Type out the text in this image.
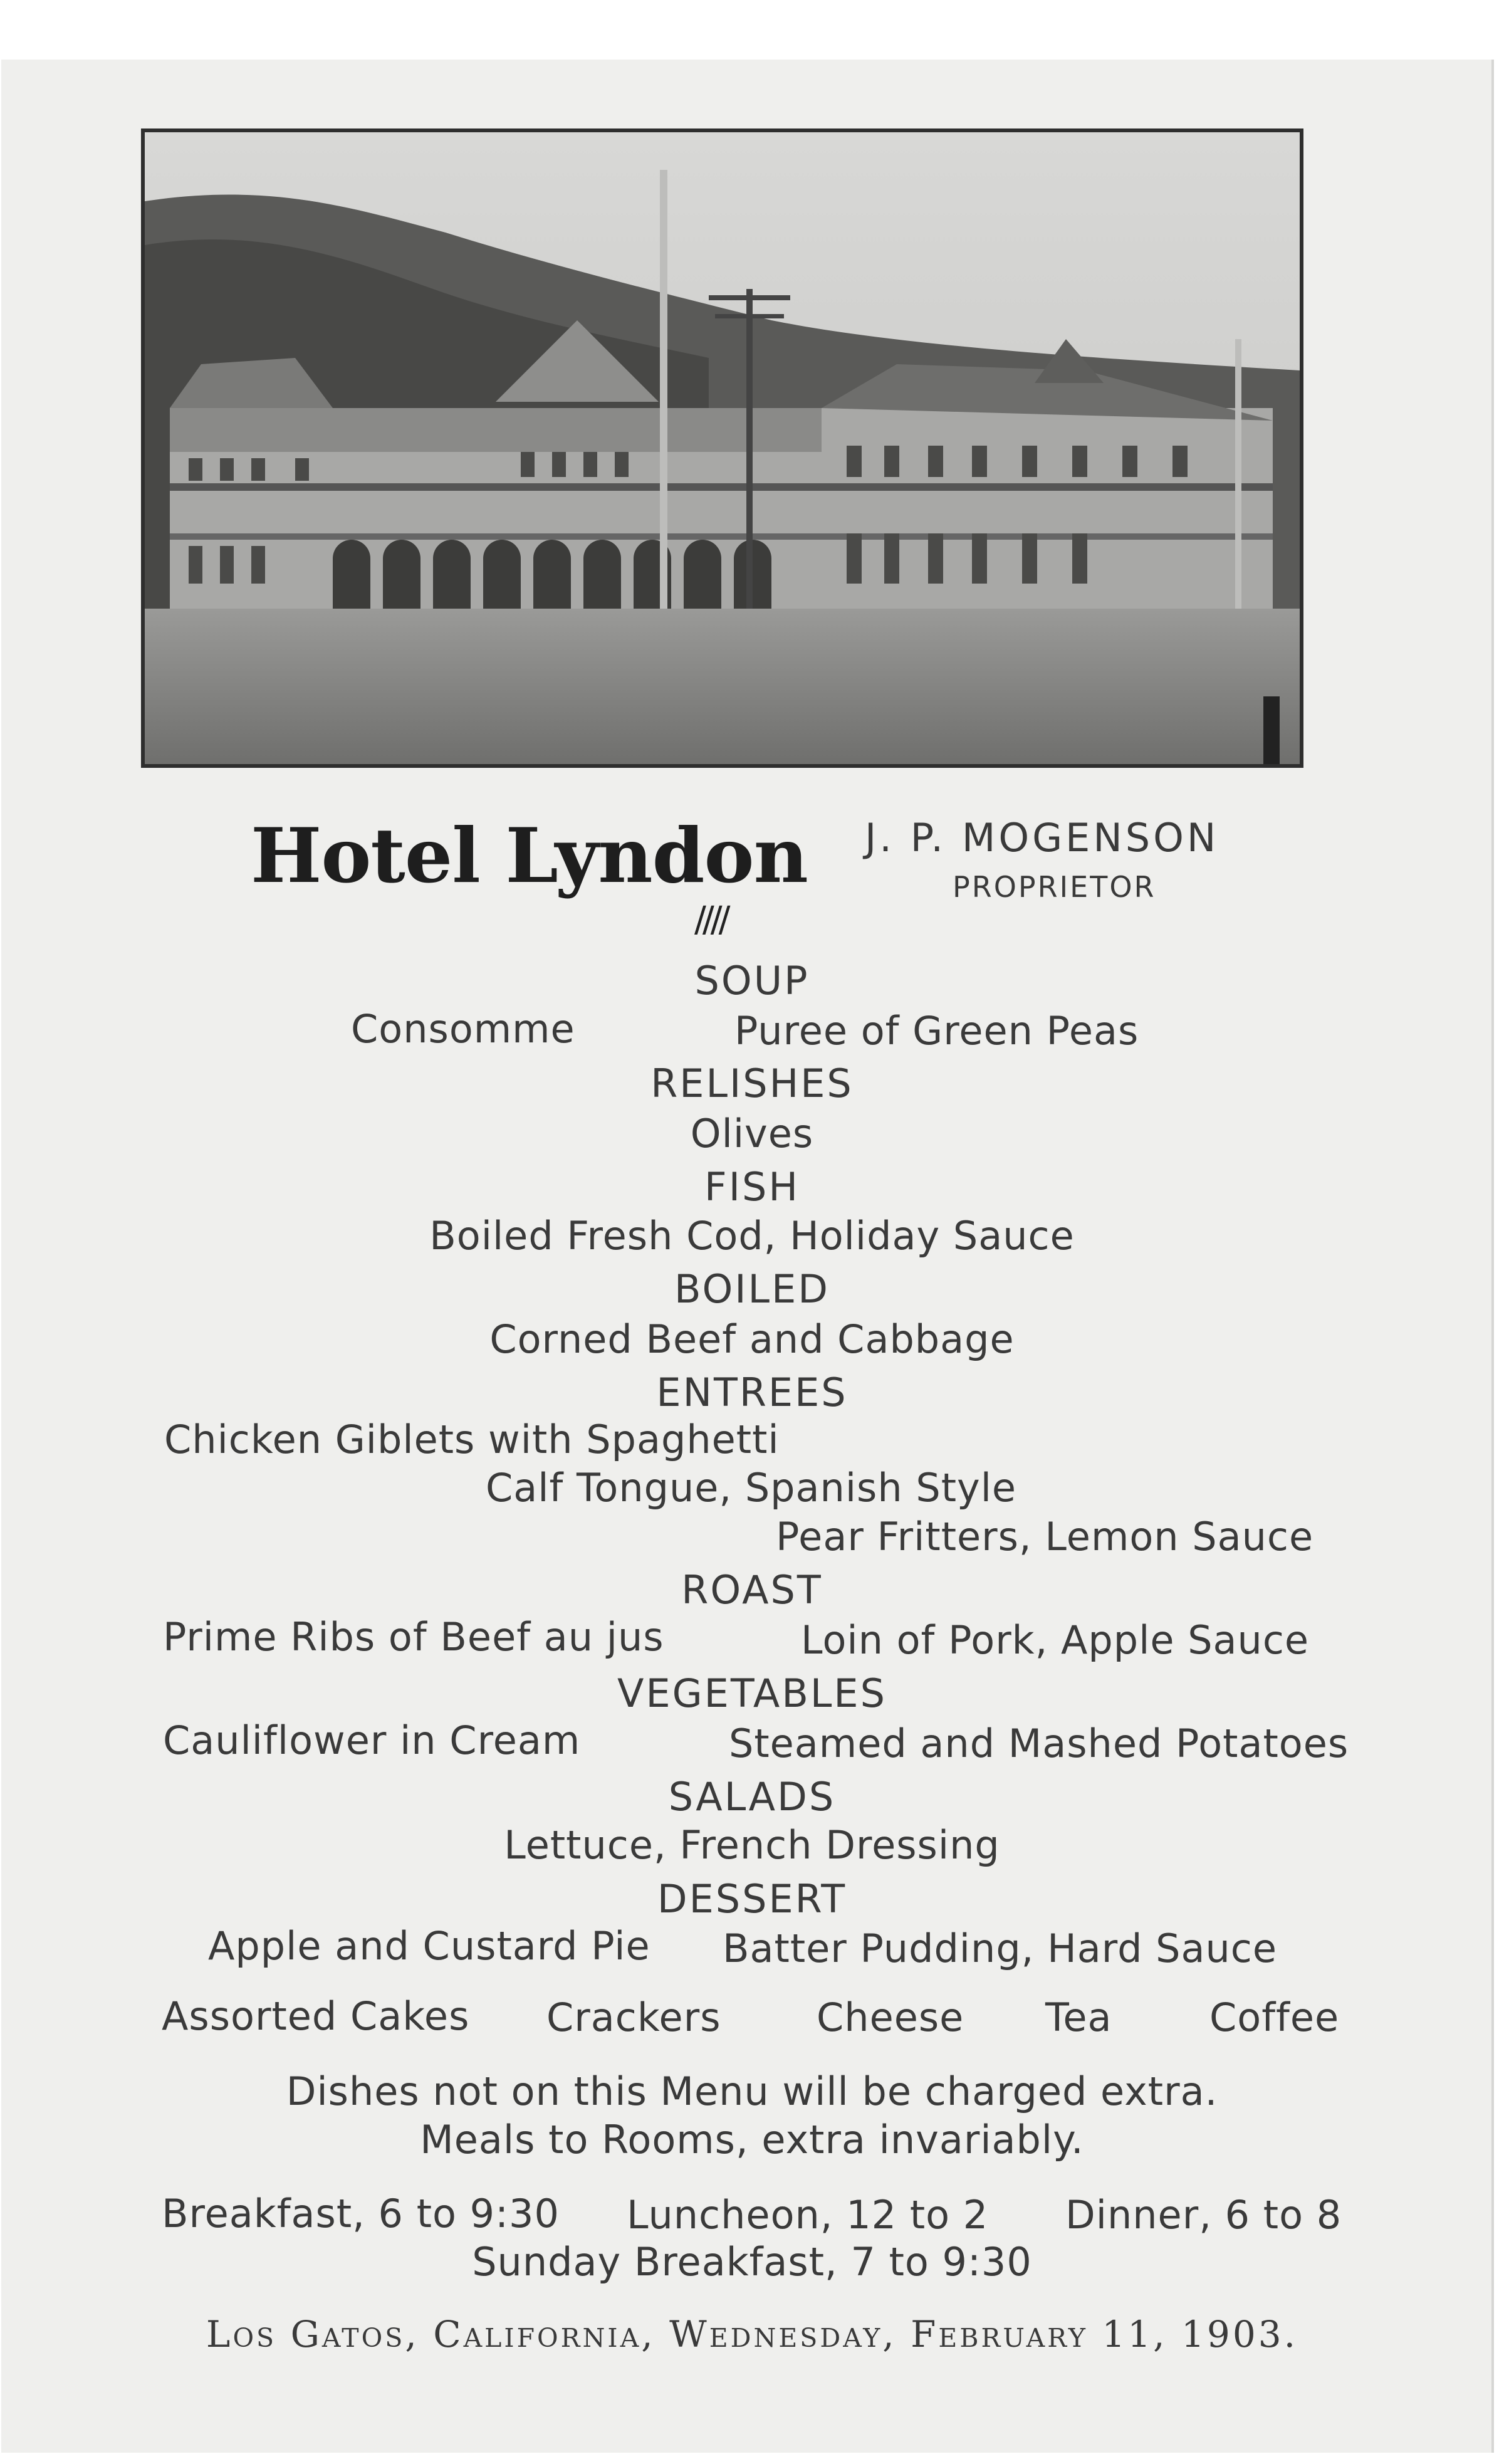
Hotel Lyndon J. P. MOGENSON
PROPRIETOR
////
SOUP
Consomme	Puree of Green Peas
RELISHES
Olives
FISH
Boiled Fresh Cod, Holiday Sauce
BOILED
Corned Beef and Cabbage
ENTREES
Chicken Giblets with Spaghetti
Calf Tongue, Spanish Style
Pear Fritters, Lemon Sauce
ROAST
Prime Ribs of Beef au jus	Loin of Pork, Apple Sauce
VEGETABLES
Cauliflower in Cream	Steamed and Mashed Potatoes
SALADS
Lettuce, French Dressing
DESSERT
Apple and Custard Pie Batter Pudding, Hard Sauce
Assorted Cakes Crackers Cheese Tea	Coffee
Dishes not on this Menu will be charged extra.
Meals to Rooms, extra invariably.
Breakfast, 6 to 9:30 Luncheon, 12 to 2 Dinner, 6 to 8
Sunday Breakfast, 7 to 9:30
Los Gatos, California, Wednesday, February 11, 1903.
